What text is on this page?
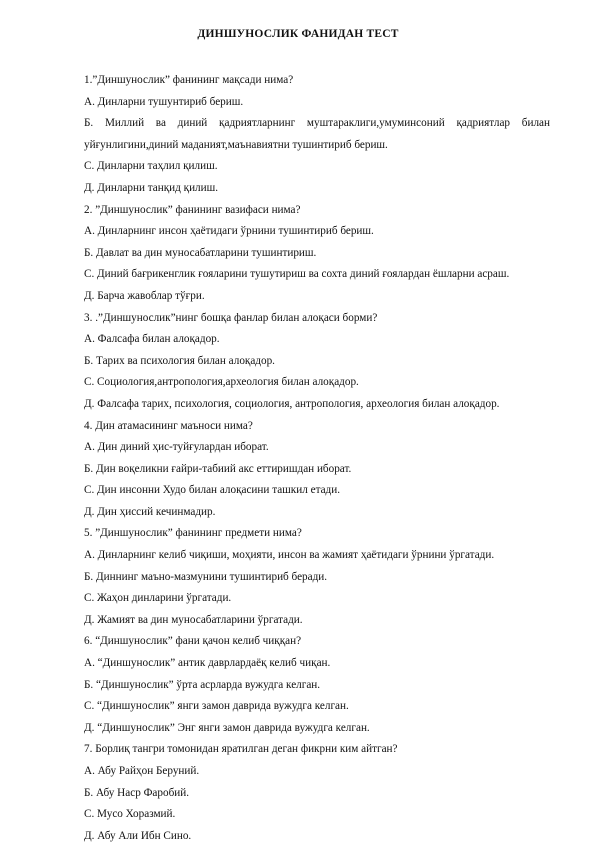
ДИНШУНОСЛИК ФАНИДАН ТЕСТ
1.”Диншунослик” фанининг мақсади нима?
А. Динларни тушунтириб бериш.
Б. Миллий ва диний қадриятларнинг муштараклиги,умуминсоний қадриятлар билан
уйғунлигини,диний маданият,маънавиятни тушинтириб бериш.
С. Динларни таҳлил қилиш.
Д. Динларни танқид қилиш.
2. ”Диншунослик” фанининг вазифаси нима?
А. Динларнинг инсон ҳаётидаги ўрнини тушинтириб бериш.
Б. Давлат ва дин муносабатларини тушинтириш.
С. Диний бағрикенглик ғояларини тушутириш ва сохта диний ғоялардан ёшларни асраш.
Д. Барча жавоблар тўғри.
3. .”Диншунослик”нинг бошқа фанлар билан алоқаси борми?
А. Фалсафа билан алоқадор.
Б. Тарих ва психология билан алоқадор.
С. Социология,антропология,археология билан алоқадор.
Д. Фалсафа тарих, психология, социология, антропология, археология билан алоқадор.
4. Дин атамасининг маъноси нима?
А. Дин диний ҳис-туйғулардан иборат.
Б. Дин воқеликни ғайри-табиий акс еттиришдан иборат.
С. Дин инсонни Худо билан алоқасини ташкил етади.
Д. Дин ҳиссий кечинмадир.
5. ”Диншунослик” фанининг предмети нима?
А. Динларнинг келиб чиқиши, моҳияти, инсон ва жамият ҳаётидаги ўрнини ўргатади.
Б. Диннинг маъно-мазмунини тушинтириб беради.
С. Жаҳон динларини ўргатади.
Д. Жамият ва дин муносабатларини ўргатади.
6. “Диншунослик” фани қачон келиб чиққан?
А. “Диншунослик” антик даврлардаёқ келиб чиқан.
Б. “Диншунослик” ўрта асрларда вужудга келган.
С. “Диншунослик” янги замон даврида вужудга келган.
Д. “Диншунослик” Энг янги замон даврида вужудга келган.
7. Борлиқ тангри томонидан яратилган деган фикрни ким айтган?
А. Абу Райҳон Беруний.
Б. Абу Наср Фаробий.
С. Мусо Хоразмий.
Д. Абу Али Ибн Сино.
